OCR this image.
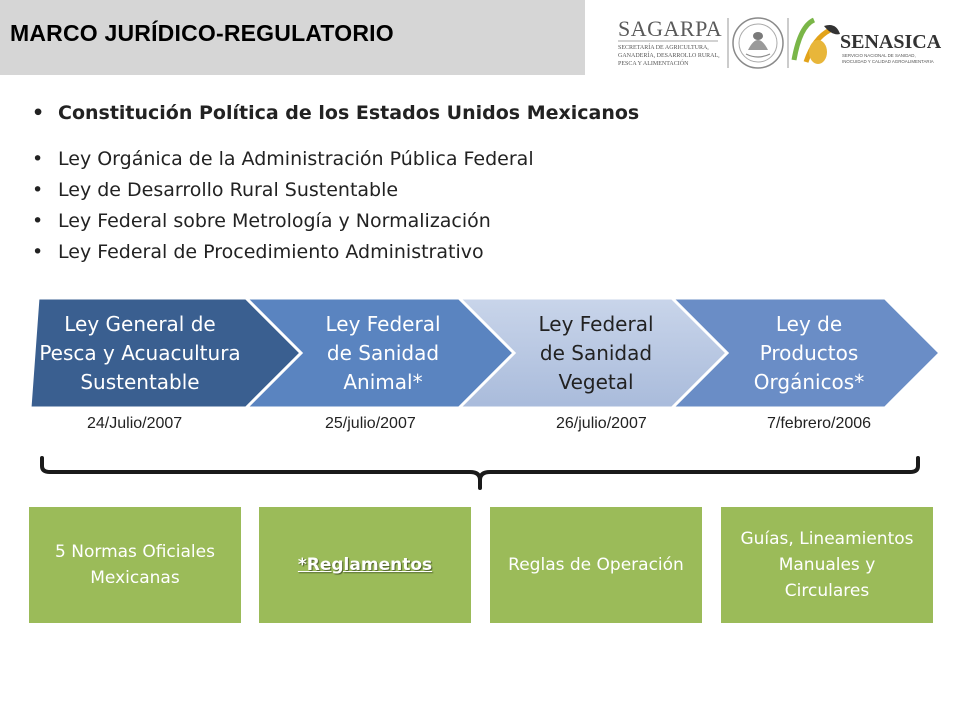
MARCO JURÍDICO-REGULATORIO	SAGARPA
SECRETARÍA DE AGRICULTURA,
GANADERÍA, DESARROLLO RURAL,
PESCA Y ALIMENTACIÓN
SENASICA
SERVICIO NACIONAL DE SANIDAD,
INOCUIDAD Y CALIDAD AGROALIMENTARIA
• Constitución Política de los Estados Unidos Mexicanos
• Ley Orgánica de la Administración Pública Federal
• Ley de Desarrollo Rural Sustentable
• Ley Federal sobre Metrología y Normalización
• Ley Federal de Procedimiento Administrativo
Ley General de
Pesca y Acuacultura
Sustentable
Ley Federal
de Sanidad
Animal*
Ley Federal
de Sanidad
Vegetal
Ley de
Productos
Orgánicos*
24/Julio/2007	25/julio/2007	26/julio/2007	7/febrero/2006
5 Normas Oficiales
Mexicanas
*Reglamentos	Reglas de Operación
Guías, Lineamientos
Manuales y
Circulares
